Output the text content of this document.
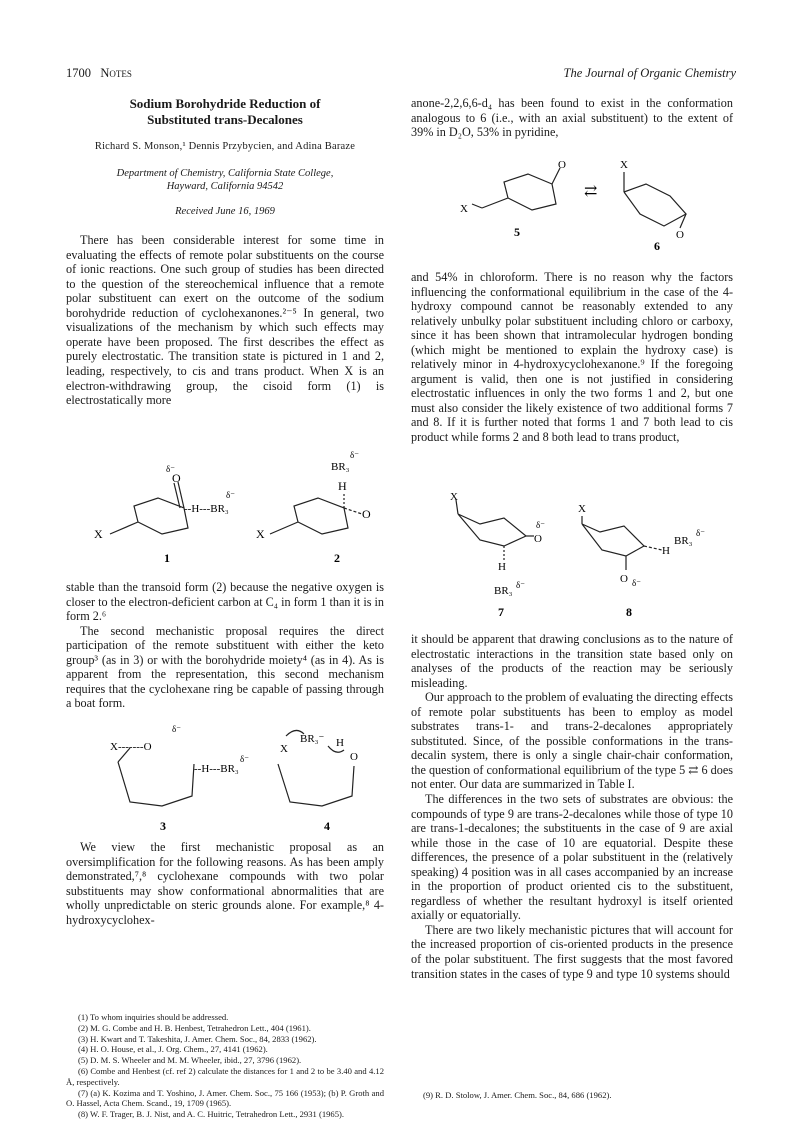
1700 Notes	The Journal of Organic Chemistry
Sodium Borohydride Reduction of
Substituted trans-Decalones
Richard S. Monson,¹ Dennis Przybycien, and Adina Baraze
Department of Chemistry, California State College,
Hayward, California 94542
Received June 16, 1969

There has been considerable interest for some time in evaluating the effects of remote polar substituents on the course of ionic reactions. One such group of studies has been directed to the question of the stereochemical influence that a remote polar substituent can exert on the outcome of the sodium borohydride reduction of cyclohexanones.²⁻⁵ In general, two visualizations of the mechanism by which such effects may operate have been proposed. The first describes the effect as purely electrostatic. The transition state is pictured in 1 and 2, leading, respectively, to cis and trans product. When X is an electron-withdrawing group, the cisoid form (1) is electrostatically more

X
O
δ⁻
--H---BR₃
δ⁻
1
X
O
H
BR₃
δ⁻
2

stable than the transoid form (2) because the negative oxygen is closer to the electron-deficient carbon at C₄ in form 1 than it is in form 2.⁶

The second mechanistic proposal requires the direct participation of the remote substituent with either the keto group³ (as in 3) or with the borohydride moiety⁴ (as in 4). As is apparent from the representation, this second mechanism requires that the cyclohexane ring be capable of passing through a boat form.

X-------O
δ⁻
--H---BR₃
δ⁻
3
X
BR₃⁻ H
O
4

We view the first mechanistic proposal as an oversimplification for the following reasons. As has been amply demonstrated,⁷,⁸ cyclohexane compounds with two polar substituents may show conformational abnormalities that are wholly unpredictable on steric grounds alone. For example,⁸ 4-hydroxycyclohex-

(1) To whom inquiries should be addressed.
(2) M. G. Combe and H. B. Henbest, Tetrahedron Lett., 404 (1961).
(3) H. Kwart and T. Takeshita, J. Amer. Chem. Soc., 84, 2833 (1962).
(4) H. O. House, et al., J. Org. Chem., 27, 4141 (1962).
(5) D. M. S. Wheeler and M. M. Wheeler, ibid., 27, 3796 (1962).
(6) Combe and Henbest (cf. ref 2) calculate the distances for 1 and 2 to be 3.40 and 4.12 Å, respectively.
(7) (a) K. Kozima and T. Yoshino, J. Amer. Chem. Soc., 75 166 (1953); (b) P. Groth and O. Hassel, Acta Chem. Scand., 19, 1709 (1965).
(8) W. F. Trager, B. J. Nist, and A. C. Huitric, Tetrahedron Lett., 2931 (1965).

anone-2,2,6,6-d₄ has been found to exist in the conformation analogous to 6 (i.e., with an axial substituent) to the extent of 39% in D₂O, 53% in pyridine,

X
O
5
⇄
X
O
6

and 54% in chloroform. There is no reason why the factors influencing the conformational equilibrium in the case of the 4-hydroxy compound cannot be reasonably extended to any relatively unbulky polar substituent including chloro or carboxy, since it has been shown that intramolecular hydrogen bonding (which might be mentioned to explain the hydroxy case) is relatively minor in 4-hydroxycyclohexanone.⁹ If the foregoing argument is valid, then one is not justified in considering electrostatic influences in only the two forms 1 and 2, but one must also consider the likely existence of two additional forms 7 and 8. If it is further noted that forms 1 and 7 both lead to cis product while forms 2 and 8 both lead to trans product,

X
O
δ⁻
H
BR₃ δ⁻
7
X
H
BR₃
δ⁻
O δ⁻
8

it should be apparent that drawing conclusions as to the nature of electrostatic interactions in the transition state based only on analyses of the products of the reaction may be seriously misleading.

Our approach to the problem of evaluating the directing effects of remote polar substituents has been to employ as model substrates trans-1- and trans-2-decalones appropriately substituted. Since, of the possible conformations in the trans-decalin system, there is only a single chair-chair conformation, the question of conformational equilibrium of the type 5 ⇄ 6 does not enter. Our data are summarized in Table I.

The differences in the two sets of substrates are obvious: the compounds of type 9 are trans-2-decalones while those of type 10 are trans-1-decalones; the substituents in the case of 9 are axial while those in the case of 10 are equatorial. Despite these differences, the presence of a polar substituent in the (relatively speaking) 4 position was in all cases accompanied by an increase in the proportion of product oriented cis to the substituent, regardless of whether the resultant hydroxyl is itself oriented axially or equatorially.

There are two likely mechanistic pictures that will account for the increased proportion of cis-oriented products in the presence of the polar substituent. The first suggests that the most favored transition states in the cases of type 9 and type 10 systems should

(9) R. D. Stolow, J. Amer. Chem. Soc., 84, 686 (1962).
